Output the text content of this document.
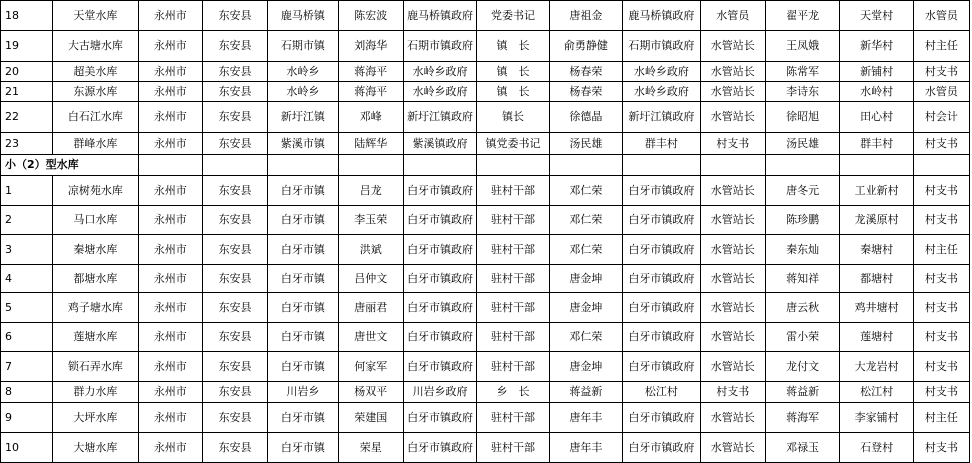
18	天堂水库	永州市	东安县	鹿马桥镇	陈宏波	鹿马桥镇政府	党委书记	唐祖金	鹿马桥镇政府	水管员	翟平龙	天堂村	水管员
19	大古塘水库	永州市	东安县	石期市镇	刘海华	石期市镇政府	镇　长	俞勇静健	石期市镇政府	水管站长	王凤娥	新华村	村主任
20	超美水库	永州市	东安县	水岭乡	蒋海平	水岭乡政府	镇　长	杨春荣	水岭乡政府	水管站长	陈常军	新铺村	村支书
21	东源水库	永州市	东安县	水岭乡	蒋海平	水岭乡政府	镇　长	杨春荣	水岭乡政府	水管站长	李诗东	水岭村	水管员
22	白石江水库	永州市	东安县	新圩江镇	邓峰	新圩江镇政府	镇长	徐德晶	新圩江镇政府	水管站长	徐昭旭	田心村	村会计
23	群峰水库	永州市	东安县	紫溪市镇	陆辉华	紫溪镇政府	镇党委书记	汤民雄	群丰村	村支书	汤民雄	群丰村	村支书
小（2）型水库													
1	凉树苑水库	永州市	东安县	白牙市镇	吕龙	白牙市镇政府	驻村干部	邓仁荣	白牙市镇政府	水管站长	唐冬元	工业新村	村支书
2	马口水库	永州市	东安县	白牙市镇	李玉荣	白牙市镇政府	驻村干部	邓仁荣	白牙市镇政府	水管站长	陈珍鹏	龙溪原村	村支书
3	秦塘水库	永州市	东安县	白牙市镇	洪斌	白牙市镇政府	驻村干部	邓仁荣	白牙市镇政府	水管站长	秦东灿	秦塘村	村主任
4	都塘水库	永州市	东安县	白牙市镇	吕仲文	白牙市镇政府	驻村干部	唐金坤	白牙市镇政府	水管站长	蒋知祥	都塘村	村支书
5	鸡子塘水库	永州市	东安县	白牙市镇	唐丽君	白牙市镇政府	驻村干部	唐金坤	白牙市镇政府	水管站长	唐云秋	鸡井塘村	村支书
6	莲塘水库	永州市	东安县	白牙市镇	唐世文	白牙市镇政府	驻村干部	邓仁荣	白牙市镇政府	水管站长	雷小荣	莲塘村	村支书
7	锁石弄水库	永州市	东安县	白牙市镇	何家军	白牙市镇政府	驻村干部	唐金坤	白牙市镇政府	水管站长	龙付文	大龙岩村	村支书
8	群力水库	永州市	东安县	川岩乡	杨双平	川岩乡政府	乡　长	蒋益新	松江村	村支书	蒋益新	松江村	村支书
9	大坪水库	永州市	东安县	白牙市镇	荣建国	白牙市镇政府	驻村干部	唐年丰	白牙市镇政府	水管站长	蒋海军	李家铺村	村主任
10	大塘水库	永州市	东安县	白牙市镇	荣星	白牙市镇政府	驻村干部	唐年丰	白牙市镇政府	水管站长	邓禄玉	石登村	村支书
